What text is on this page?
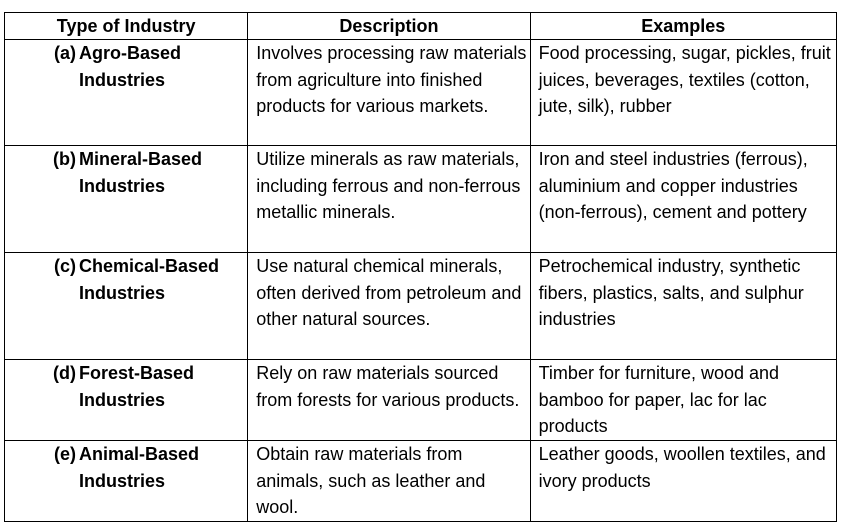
Type of Industry	Description	Examples

(a) Agro-Based Industries	Involves processing raw materials from agriculture into finished products for various markets.	Food processing, sugar, pickles, fruit juices, beverages, textiles (cotton, jute, silk), rubber

(b) Mineral-Based Industries	Utilize minerals as raw materials, including ferrous and non-ferrous metallic minerals.	Iron and steel industries (ferrous), aluminium and copper industries (non-ferrous), cement and pottery

(c) Chemical-Based Industries	Use natural chemical minerals, often derived from petroleum and other natural sources.	Petrochemical industry, synthetic fibers, plastics, salts, and sulphur industries

(d) Forest-Based Industries	Rely on raw materials sourced from forests for various products.	Timber for furniture, wood and bamboo for paper, lac for lac products

(e) Animal-Based Industries	Obtain raw materials from animals, such as leather and wool.	Leather goods, woollen textiles, and ivory products
